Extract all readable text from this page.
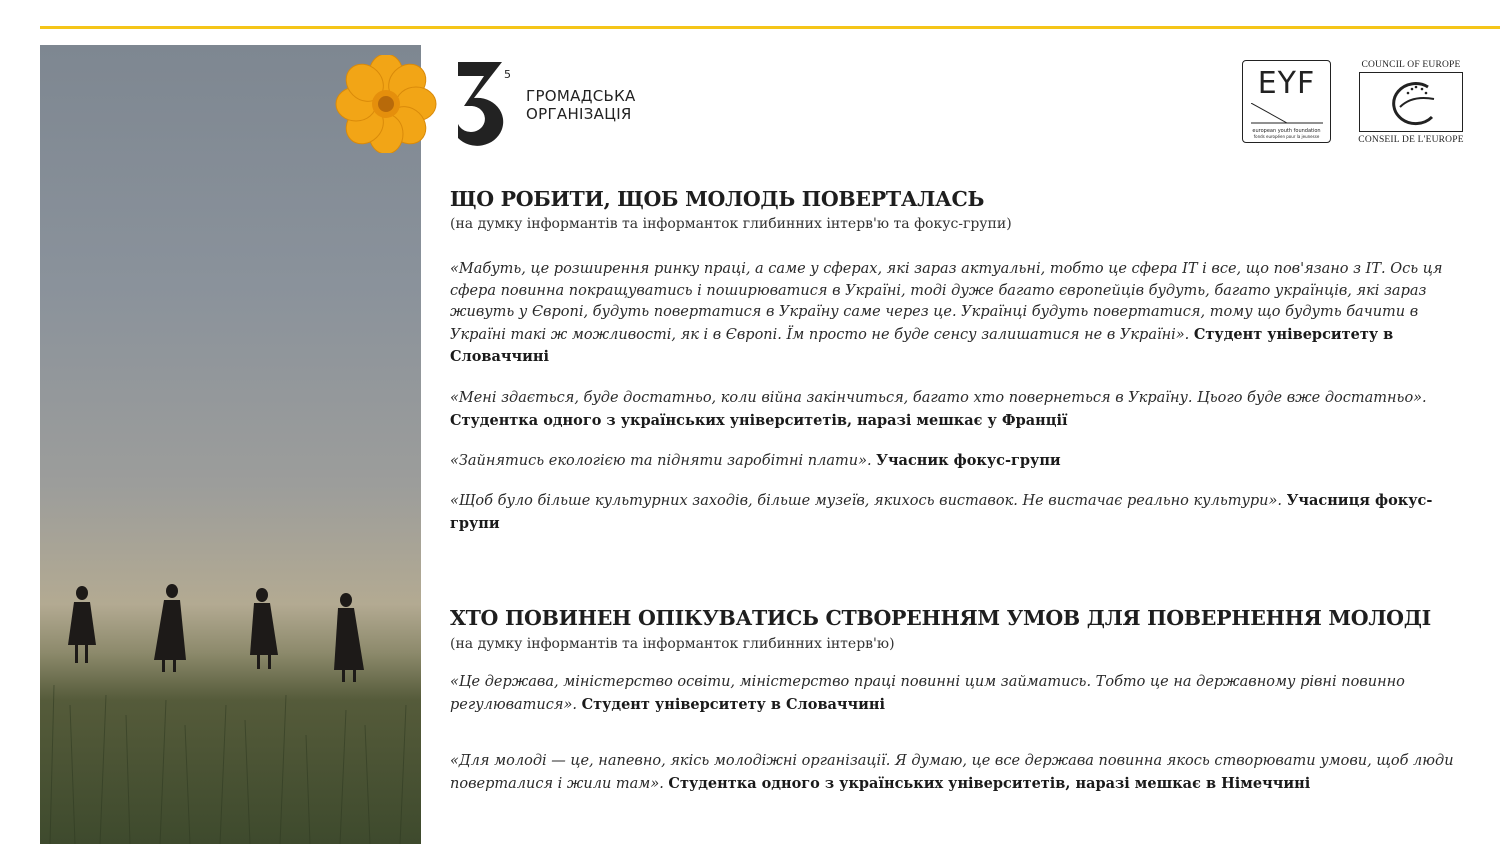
5
ГРОМАДСЬКА
ОРГАНІЗАЦІЯ
EYF
european youth foundation
fonds européen pour la jeunesse
COUNCIL OF EUROPE
CONSEIL DE L'EUROPE
ЩО РОБИТИ, ЩОБ МОЛОДЬ ПОВЕРТАЛАСЬ
(на думку інформантів та інформанток глибинних інтерв'ю та фокус-групи)
«Мабуть, це розширення ринку праці, а саме у сферах, які зараз актуальні, тобто це сфера ІТ і все, що пов'язано з ІТ. Ось ця сфера повинна покращуватись і поширюватися в Україні, тоді дуже багато європейців будуть, багато українців, які зараз живуть у Європі, будуть повертатися в Україну саме через це. Українці будуть повертатися, тому що будуть бачити в Україні такі ж можливості, як і в Європі. Їм просто не буде сенсу залишатися не в Україні». Студент університету в Словаччині
«Мені здається, буде достатньо, коли війна закінчиться, багато хто повернеться в Україну. Цього буде вже достатньо».
Студентка одного з українських університетів, наразі мешкає у Франції
«Зайнятись екологією та підняти заробітні плати». Учасник фокус-групи
«Щоб було більше культурних заходів, більше музеїв, якихось виставок. Не вистачає реально культури». Учасниця фокус-групи
ХТО ПОВИНЕН ОПІКУВАТИСЬ СТВОРЕННЯМ УМОВ ДЛЯ ПОВЕРНЕННЯ МОЛОДІ
(на думку інформантів та інформанток глибинних інтерв'ю)
«Це держава, міністерство освіти, міністерство праці повинні цим займатись. Тобто це на державному рівні повинно регулюватися». Студент університету в Словаччині
«Для молоді — це, напевно, якісь молодіжні організації. Я думаю, це все держава повинна якось створювати умови, щоб люди поверталися і жили там». Студентка одного з українських університетів, наразі мешкає в Німеччині
